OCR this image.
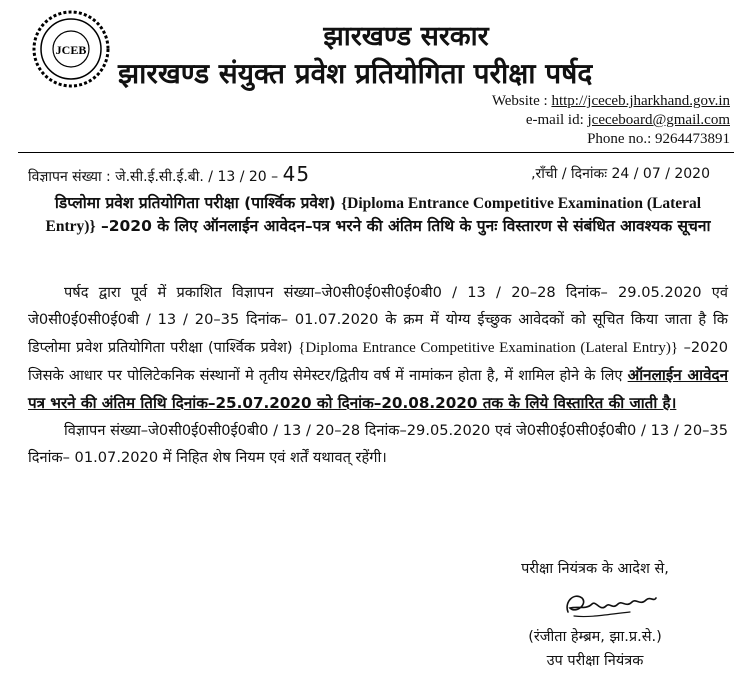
JCEB	झारखण्ड सरकार
झारखण्ड संयुक्त प्रवेश प्रतियोगिता परीक्षा पर्षद
Website : http://jceceb.jharkhand.gov.in
e-mail id: jceceboard@gmail.com
Phone no.: 9264473891
विज्ञापन संख्या : जे.सी.ई.सी.ई.बी. / 13 / 20 – 45	,राँची / दिनांकः 24 / 07 / 2020
डिप्लोमा प्रवेश प्रतियोगिता परीक्षा (पार्श्विक प्रवेश) {Diploma Entrance Competitive Examination (Lateral Entry)} –2020 के लिए ऑनलाईन आवेदन–पत्र भरने की अंतिम तिथि के पुनः विस्तारण से संबंधित आवश्यक सूचना

पर्षद द्वारा पूर्व में प्रकाशित विज्ञापन संख्या–जे0सी0ई0सी0ई0बी0 / 13 / 20–28 दिनांक– 29.05.2020 एवं जे0सी0ई0सी0ई0बी / 13 / 20–35 दिनांक– 01.07.2020 के क्रम में योग्य ईच्छुक आवेदकों को सूचित किया जाता है कि डिप्लोमा प्रवेश प्रतियोगिता परीक्षा (पार्श्विक प्रवेश) {Diploma Entrance Competitive Examination (Lateral Entry)} –2020 जिसके आधार पर पोलिटेकनिक संस्थानों मे तृतीय सेमेस्टर/द्वितीय वर्ष में नामांकन होता है, में शामिल होने के लिए ऑनलाईन आवेदन पत्र भरने की अंतिम तिथि दिनांक–25.07.2020 को दिनांक–20.08.2020 तक के लिये विस्तारित की जाती है।

विज्ञापन संख्या–जे0सी0ई0सी0ई0बी0 / 13 / 20–28 दिनांक–29.05.2020 एवं जे0सी0ई0सी0ई0बी0 / 13 / 20–35 दिनांक– 01.07.2020 में निहित शेष नियम एवं शर्तें यथावत् रहेंगी।

परीक्षा नियंत्रक के आदेश से,
(रंजीता हेम्ब्रम, झा.प्र.से.)
उप परीक्षा नियंत्रक
